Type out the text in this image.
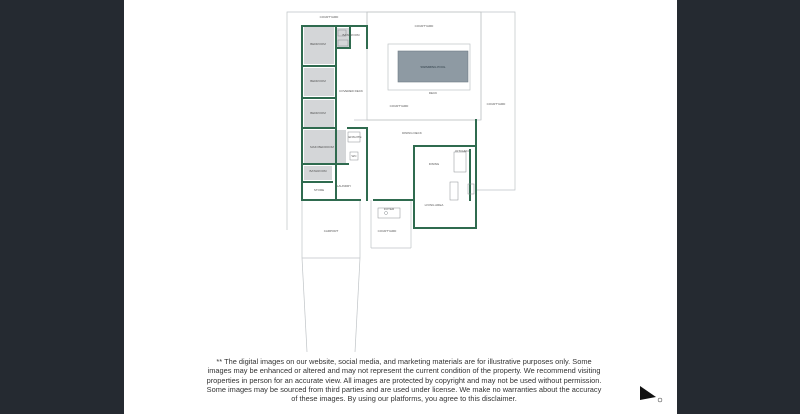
COURTYARD
COURTYARD
BEDROOM
BATHROOM
SWIMMING POOL
DECK
BEDROOM
COVERED DECK
COURTYARD	COURTYARD
BEDROOM
DINING DECK
MAIN BEDROOM
ENSUITE
KITCHEN
WC
DINING
BATHROOM
LAUNDRY
STORE
LIVING AREA
FOYER
CARPORT	COURTYARD

** The digital images on our website, social media, and marketing materials are for illustrative purposes only. Some images may be enhanced or altered and may not represent the current condition of the property. We recommend visiting properties in person for an accurate view. All images are protected by copyright and may not be used without permission. Some images may be sourced from third parties and are used under license. We make no warranties about the accuracy of these images. By using our platforms, you agree to this disclaimer.
